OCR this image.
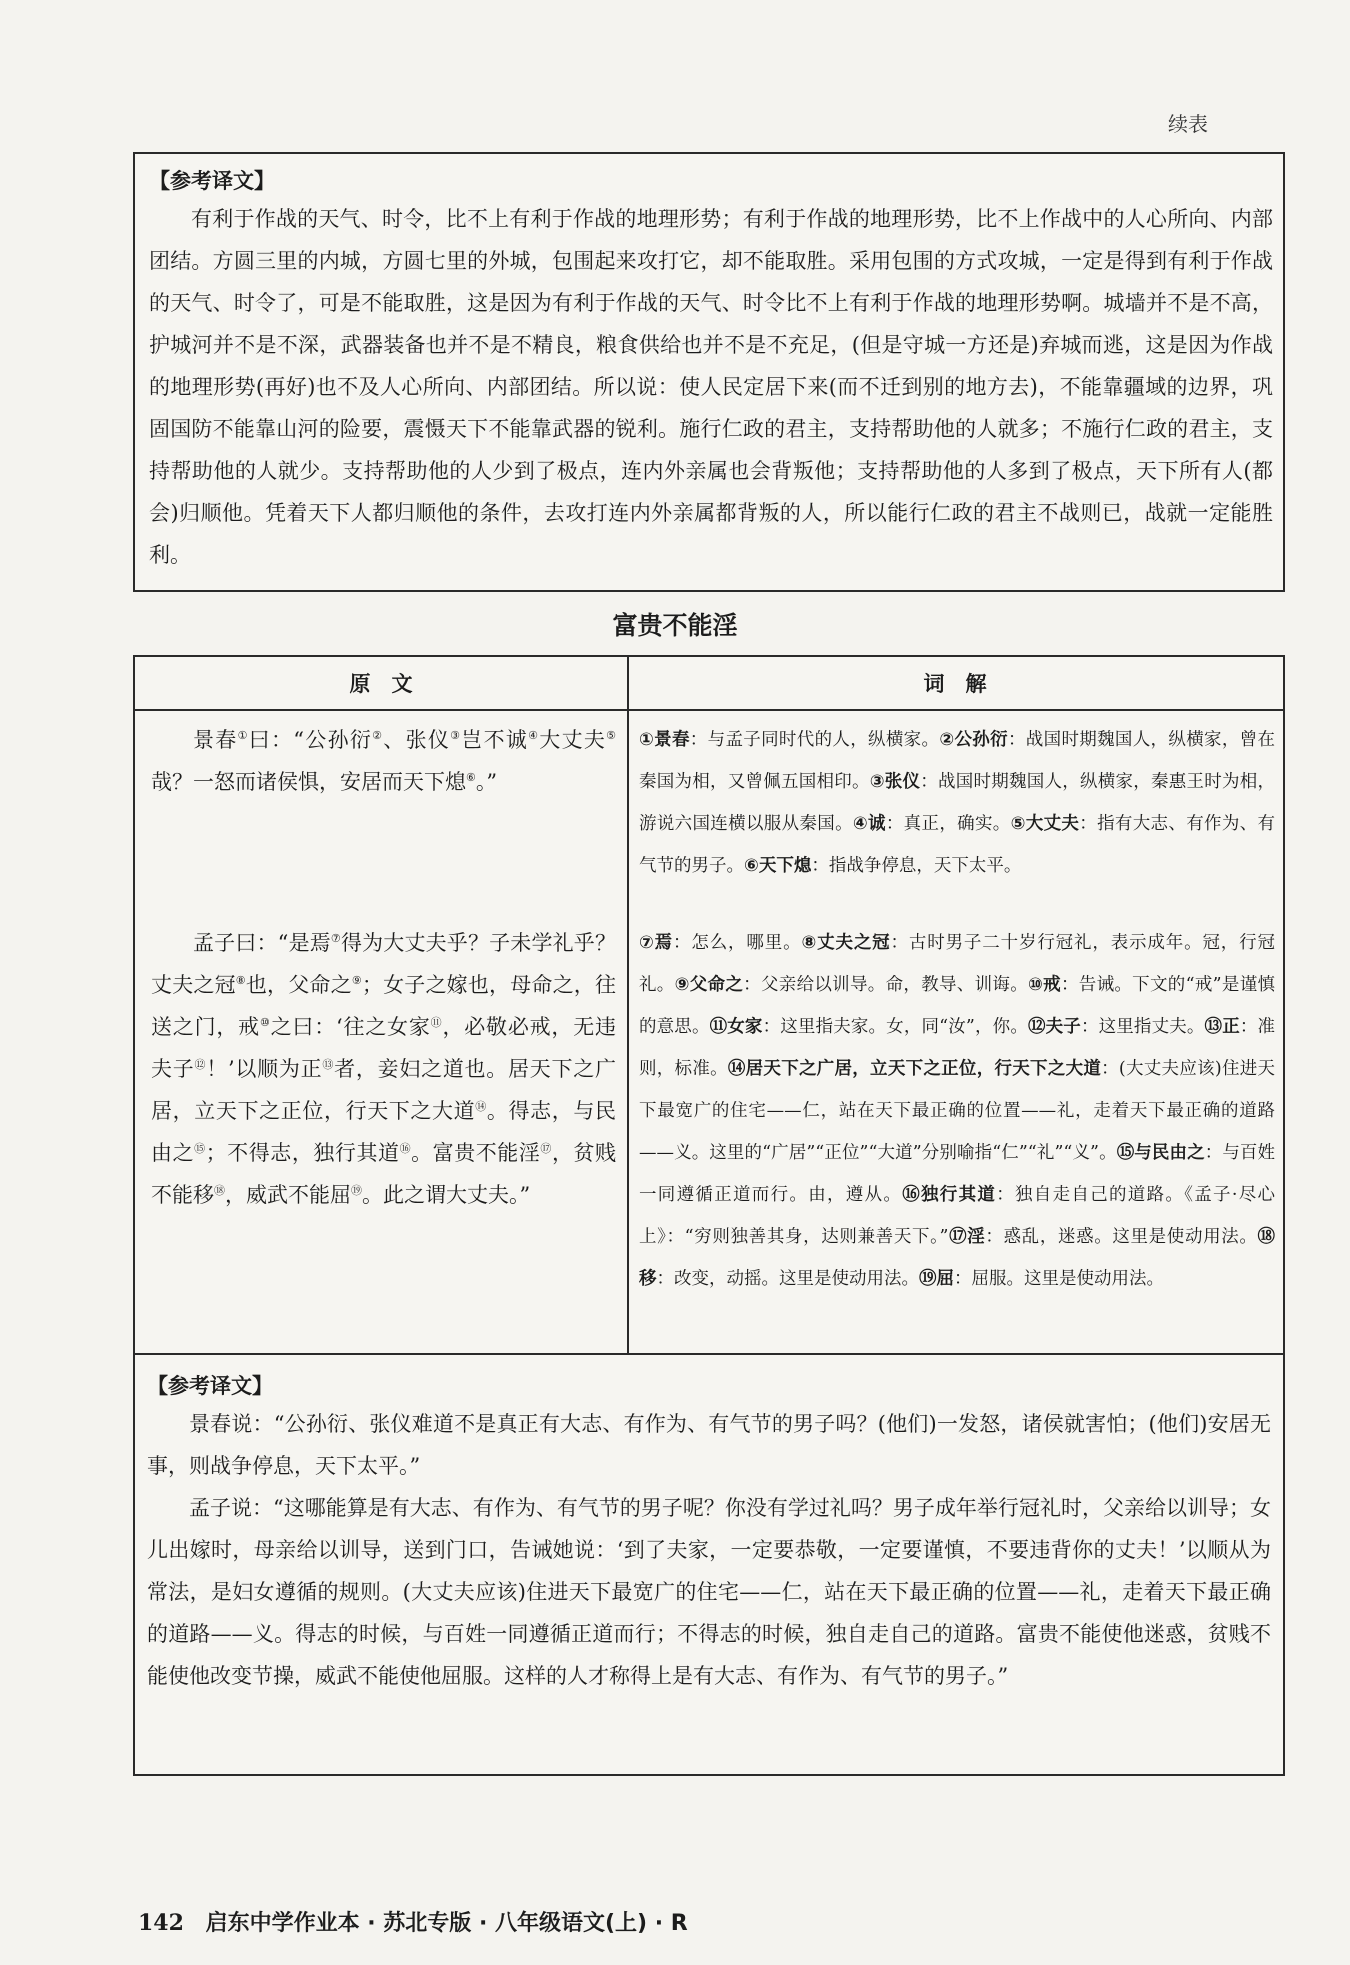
续表
【参考译文】

有利于作战的天气、时令，比不上有利于作战的地理形势；有利于作战的地理形势，比不上作战中的人心所向、内部团结。方圆三里的内城，方圆七里的外城，包围起来攻打它，却不能取胜。采用包围的方式攻城，一定是得到有利于作战的天气、时令了，可是不能取胜，这是因为有利于作战的天气、时令比不上有利于作战的地理形势啊。城墙并不是不高，护城河并不是不深，武器装备也并不是不精良，粮食供给也并不是不充足，(但是守城一方还是)弃城而逃，这是因为作战的地理形势(再好)也不及人心所向、内部团结。所以说：使人民定居下来(而不迁到别的地方去)，不能靠疆域的边界，巩固国防不能靠山河的险要，震慑天下不能靠武器的锐利。施行仁政的君主，支持帮助他的人就多；不施行仁政的君主，支持帮助他的人就少。支持帮助他的人少到了极点，连内外亲属也会背叛他；支持帮助他的人多到了极点，天下所有人(都会)归顺他。凭着天下人都归顺他的条件，去攻打连内外亲属都背叛的人，所以能行仁政的君主不战则已，战就一定能胜利。

富贵不能淫
原　文	词　解

景春①曰：“公孙衍②、张仪③岂不诚④大丈夫⑤哉？一怒而诸侯惧，安居而天下熄⑥。”

孟子曰：“是焉⑦得为大丈夫乎？子未学礼乎？丈夫之冠⑧也，父命之⑨；女子之嫁也，母命之，往送之门，戒⑩之曰：‘往之女家⑪，必敬必戒，无违夫子⑫！’以顺为正⑬者，妾妇之道也。居天下之广居，立天下之正位，行天下之大道⑭。得志，与民由之⑮；不得志，独行其道⑯。富贵不能淫⑰，贫贱不能移⑱，威武不能屈⑲。此之谓大丈夫。”

①景春：与孟子同时代的人，纵横家。②公孙衍：战国时期魏国人，纵横家，曾在秦国为相，又曾佩五国相印。③张仪：战国时期魏国人，纵横家，秦惠王时为相，游说六国连横以服从秦国。④诚：真正，确实。⑤大丈夫：指有大志、有作为、有气节的男子。⑥天下熄：指战争停息，天下太平。

⑦焉：怎么，哪里。⑧丈夫之冠：古时男子二十岁行冠礼，表示成年。冠，行冠礼。⑨父命之：父亲给以训导。命，教导、训诲。⑩戒：告诫。下文的“戒”是谨慎的意思。⑪女家：这里指夫家。女，同“汝”，你。⑫夫子：这里指丈夫。⑬正：准则，标准。⑭居天下之广居，立天下之正位，行天下之大道：(大丈夫应该)住进天下最宽广的住宅——仁，站在天下最正确的位置——礼，走着天下最正确的道路——义。这里的“广居”“正位”“大道”分别喻指“仁”“礼”“义”。⑮与民由之：与百姓一同遵循正道而行。由，遵从。⑯独行其道：独自走自己的道路。《孟子·尽心上》：“穷则独善其身，达则兼善天下。”⑰淫：惑乱，迷惑。这里是使动用法。⑱移：改变，动摇。这里是使动用法。⑲屈：屈服。这里是使动用法。

【参考译文】

景春说：“公孙衍、张仪难道不是真正有大志、有作为、有气节的男子吗？(他们)一发怒，诸侯就害怕；(他们)安居无事，则战争停息，天下太平。”

孟子说：“这哪能算是有大志、有作为、有气节的男子呢？你没有学过礼吗？男子成年举行冠礼时，父亲给以训导；女儿出嫁时，母亲给以训导，送到门口，告诫她说：‘到了夫家，一定要恭敬，一定要谨慎，不要违背你的丈夫！’以顺从为常法，是妇女遵循的规则。(大丈夫应该)住进天下最宽广的住宅——仁，站在天下最正确的位置——礼，走着天下最正确的道路——义。得志的时候，与百姓一同遵循正道而行；不得志的时候，独自走自己的道路。富贵不能使他迷惑，贫贱不能使他改变节操，威武不能使他屈服。这样的人才称得上是有大志、有作为、有气节的男子。”

142 启东中学作业本 · 苏北专版 · 八年级语文(上) · R
